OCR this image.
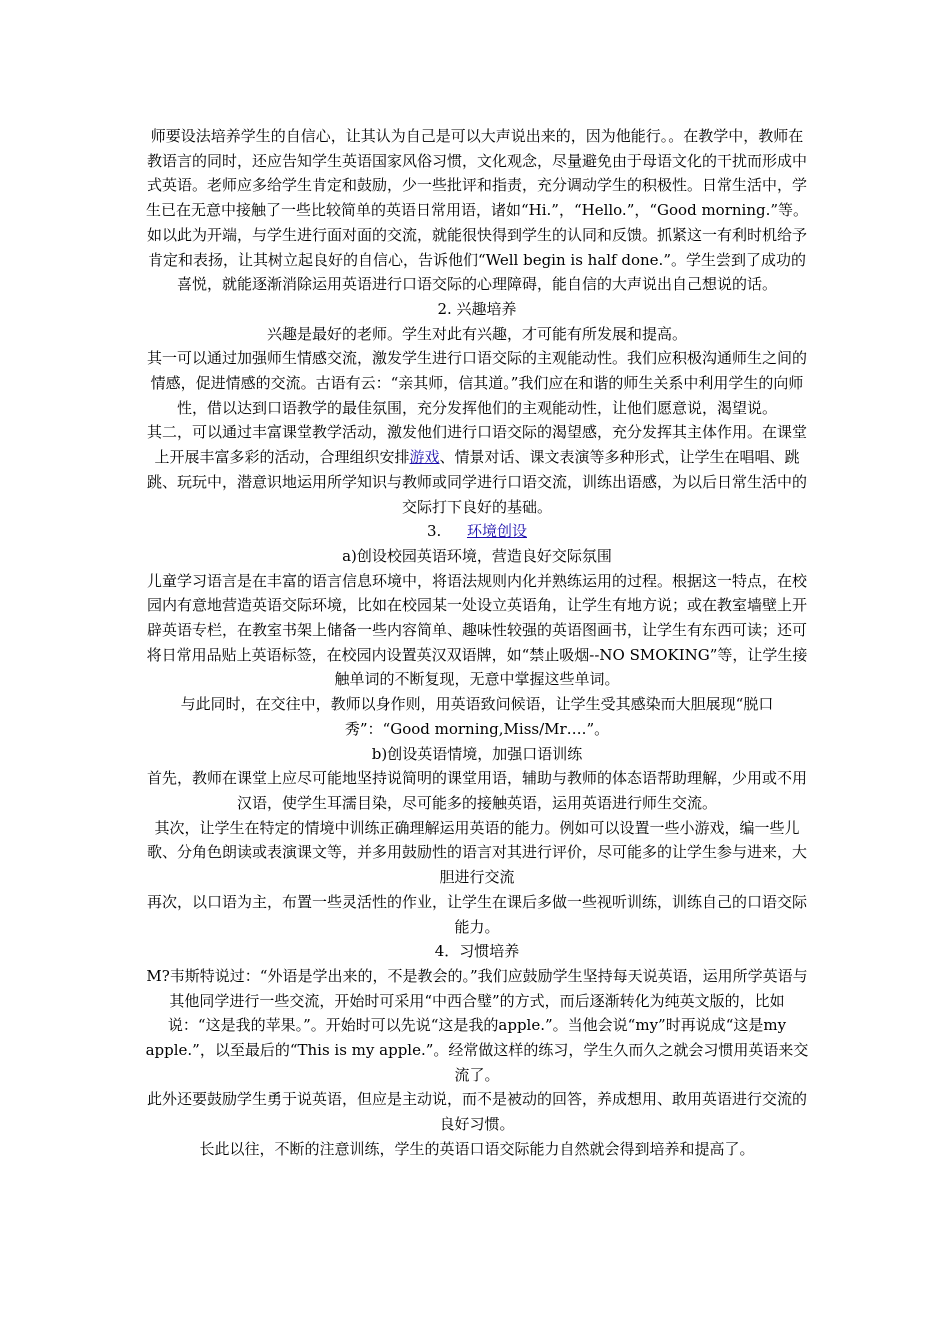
师要设法培养学生的自信心，让其认为自己是可以大声说出来的，因为他能行。。在教学中，教师在教语言的同时，还应告知学生英语国家风俗习惯，文化观念，尽量避免由于母语文化的干扰而形成中式英语。老师应多给学生肯定和鼓励，少一些批评和指责，充分调动学生的积极性。日常生活中，学生已在无意中接触了一些比较简单的英语日常用语，诸如“Hi.”，“Hello.”，“Good morning.”等。如以此为开端，与学生进行面对面的交流，就能很快得到学生的认同和反馈。抓紧这一有利时机给予肯定和表扬，让其树立起良好的自信心，告诉他们“Well begin is half done.”。学生尝到了成功的喜悦，就能逐渐消除运用英语进行口语交际的心理障碍，能自信的大声说出自己想说的话。

2. 兴趣培养

兴趣是最好的老师。学生对此有兴趣，才可能有所发展和提高。

其一可以通过加强师生情感交流，激发学生进行口语交际的主观能动性。我们应积极沟通师生之间的情感，促进情感的交流。古语有云：“亲其师，信其道。”我们应在和谐的师生关系中利用学生的向师性，借以达到口语教学的最佳氛围，充分发挥他们的主观能动性，让他们愿意说，渴望说。

其二，可以通过丰富课堂教学活动，激发他们进行口语交际的渴望感，充分发挥其主体作用。在课堂上开展丰富多彩的活动，合理组织安排游戏、情景对话、课文表演等多种形式，让学生在唱唱、跳跳、玩玩中，潜意识地运用所学知识与教师或同学进行口语交流，训练出语感，为以后日常生活中的交际打下良好的基础。

3. 环境创设

a)创设校园英语环境，营造良好交际氛围

儿童学习语言是在丰富的语言信息环境中，将语法规则内化并熟练运用的过程。根据这一特点，在校园内有意地营造英语交际环境，比如在校园某一处设立英语角，让学生有地方说；或在教室墙壁上开辟英语专栏，在教室书架上储备一些内容简单、趣味性较强的英语图画书，让学生有东西可读；还可将日常用品贴上英语标签，在校园内设置英汉双语牌，如“禁止吸烟--NO SMOKING”等，让学生接触单词的不断复现，无意中掌握这些单词。

与此同时，在交往中，教师以身作则，用英语致问候语，让学生受其感染而大胆展现“脱口秀”：“Good morning,Miss/Mr….”。

b)创设英语情境，加强口语训练

首先，教师在课堂上应尽可能地坚持说简明的课堂用语，辅助与教师的体态语帮助理解，少用或不用汉语，使学生耳濡目染，尽可能多的接触英语，运用英语进行师生交流。

其次，让学生在特定的情境中训练正确理解运用英语的能力。例如可以设置一些小游戏，编一些儿歌、分角色朗读或表演课文等，并多用鼓励性的语言对其进行评价，尽可能多的让学生参与进来，大胆进行交流

再次，以口语为主，布置一些灵活性的作业，让学生在课后多做一些视听训练，训练自己的口语交际能力。

4．习惯培养

M?韦斯特说过：“外语是学出来的，不是教会的。”我们应鼓励学生坚持每天说英语，运用所学英语与其他同学进行一些交流，开始时可采用“中西合璧”的方式，而后逐渐转化为纯英文版的，比如说：“这是我的苹果。”。开始时可以先说“这是我的apple.”。当他会说“my”时再说成“这是my apple.”，以至最后的“This is my apple.”。经常做这样的练习，学生久而久之就会习惯用英语来交流了。

此外还要鼓励学生勇于说英语，但应是主动说，而不是被动的回答，养成想用、敢用英语进行交流的良好习惯。

长此以往，不断的注意训练，学生的英语口语交际能力自然就会得到培养和提高了。
